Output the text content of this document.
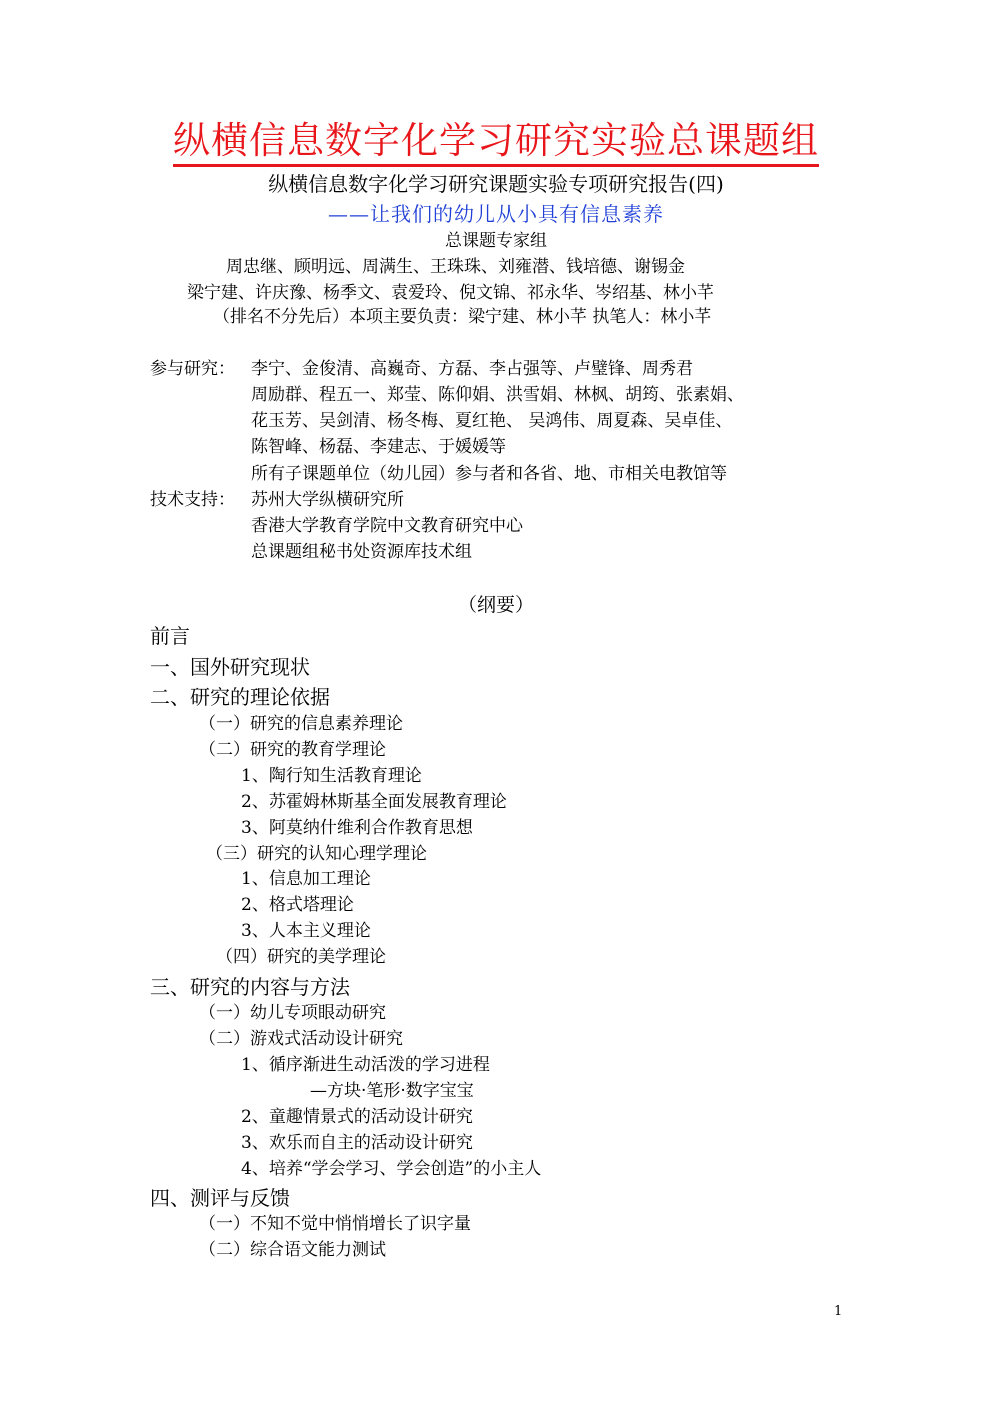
纵横信息数字化学习研究实验总课题组
纵横信息数字化学习研究课题实验专项研究报告(四)
——让我们的幼儿从小具有信息素养
总课题专家组
周忠继、顾明远、周满生、王珠珠、刘雍潜、钱培德、谢锡金
梁宁建、许庆豫、杨季文、袁爱玲、倪文锦、祁永华、岑绍基、林小芊
（排名不分先后）本项主要负责：梁宁建、林小芊 执笔人：林小芊
参与研究： 李宁、金俊清、高巍奇、方磊、李占强等、卢璧锋、周秀君
周励群、程五一、郑莹、陈仰娟、洪雪娟、林枫、胡筠、张素娟、
花玉芳、吴剑清、杨冬梅、夏红艳、 吴鸿伟、周夏森、吴卓佳、
陈智峰、杨磊、李建志、于媛媛等
所有子课题单位（幼儿园）参与者和各省、地、市相关电教馆等
技术支持： 苏州大学纵横研究所
香港大学教育学院中文教育研究中心
总课题组秘书处资源库技术组
（纲要）
前言
一、国外研究现状
二、研究的理论依据
（一）研究的信息素养理论
（二）研究的教育学理论
1、陶行知生活教育理论
2、苏霍姆林斯基全面发展教育理论
3、阿莫纳什维利合作教育思想
（三）研究的认知心理学理论
1、信息加工理论
2、格式塔理论
3、人本主义理论
（四）研究的美学理论
三、研究的内容与方法
（一）幼儿专项眼动研究
（二）游戏式活动设计研究
1、循序渐进生动活泼的学习进程
—方块·笔形·数字宝宝
2、童趣情景式的活动设计研究
3、欢乐而自主的活动设计研究
4、培养“学会学习、学会创造”的小主人
四、测评与反馈
（一）不知不觉中悄悄增长了识字量
（二）综合语文能力测试
1
